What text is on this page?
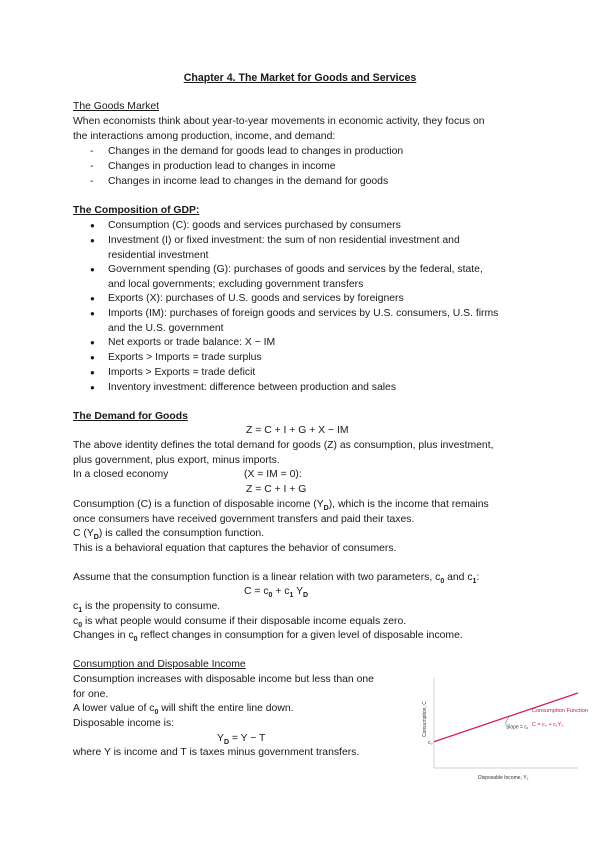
Chapter 4. The Market for Goods and Services
The Goods Market
When economists think about year-to-year movements in economic activity, they focus on
the interactions among production, income, and demand:
- Changes in the demand for goods lead to changes in production
- Changes in production lead to changes in income
- Changes in income lead to changes in the demand for goods
The Composition of GDP:
● Consumption (C): goods and services purchased by consumers
● Investment (I) or fixed investment: the sum of non residential investment and
residential investment
● Government spending (G): purchases of goods and services by the federal, state,
and local governments; excluding government transfers
● Exports (X): purchases of U.S. goods and services by foreigners
● Imports (IM): purchases of foreign goods and services by U.S. consumers, U.S. firms
and the U.S. government
● Net exports or trade balance: X − IM
● Exports > Imports = trade surplus
● Imports > Exports = trade deficit
● Inventory investment: difference between production and sales
The Demand for Goods
Z = C + I + G + X − IM
The above identity defines the total demand for goods (Z) as consumption, plus investment,
plus government, plus export, minus imports.
In a closed economy	(X = IM = 0):
Z = C + I + G
Consumption (C) is a function of disposable income $(Y_D)$, which is the income that remains
once consumers have received government transfers and paid their taxes.
C $(Y_D)$ is called the consumption function.
This is a behavioral equation that captures the behavior of consumers.
Assume that the consumption function is a linear relation with two parameters, $c_0$ and $c_1$:
$C = c_0 + c_1$ $Y_D$
$c_1$ is the propensity to consume.
$c_0$ is what people would consume if their disposable income equals zero.
Changes in $c_0$ reflect changes in consumption for a given level of disposable income.
Consumption and Disposable Income
Consumption increases with disposable income but less than one
for one.
A lower value of $c_0$ will shift the entire line down.
Disposable income is:
$Y_D = Y - T$
where Y is income and T is taxes minus government transfers.
Consumption, C
c₀
Slope = c₁
Consumption Function
C = c₀ + c₁Y₂
Disposable Income, Y₂
